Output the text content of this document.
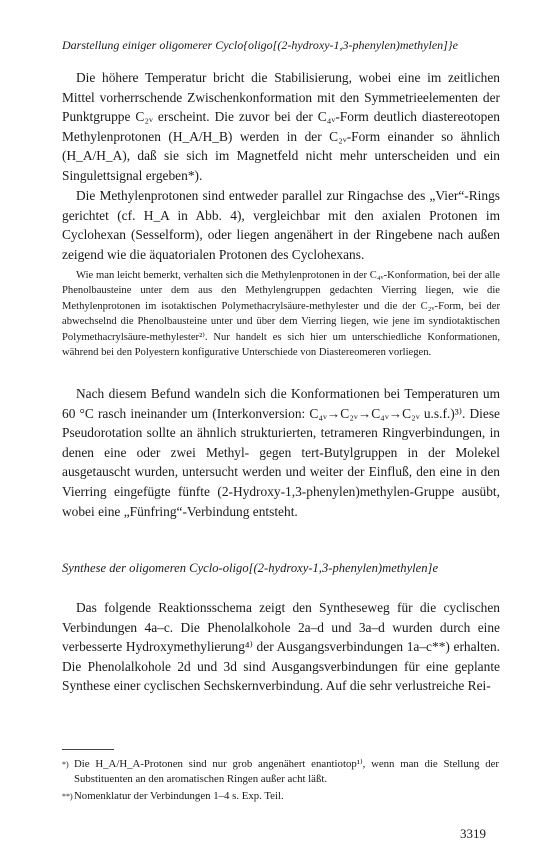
Darstellung einiger oligomerer Cyclo{oligo[(2-hydroxy-1,3-phenylen)methylen]}e

Die höhere Temperatur bricht die Stabilisierung, wobei eine im zeitlichen Mittel vorherrschende Zwischenkonformation mit den Symmetrieelementen der Punktgruppe C₂ᵥ erscheint. Die zuvor bei der C₄ᵥ-Form deutlich diastereotopen Methylenprotonen (H_A/H_B) werden in der C₂ᵥ-Form einander so ähnlich (H_A/H_A), daß sie sich im Magnetfeld nicht mehr unterscheiden und ein Singulettsignal ergeben*).

Die Methylenprotonen sind entweder parallel zur Ringachse des „Vier“-Rings gerichtet (cf. H_A in Abb. 4), vergleichbar mit den axialen Protonen im Cyclohexan (Sesselform), oder liegen angenähert in der Ringebene nach außen zeigend wie die äquatorialen Protonen des Cyclohexans.

Wie man leicht bemerkt, verhalten sich die Methylenprotonen in der C₄ᵥ-Konformation, bei der alle Phenolbausteine unter dem aus den Methylengruppen gedachten Vierring liegen, wie die Methylenprotonen im isotaktischen Polymethacrylsäure-methylester und die der C₂ᵥ-Form, bei der abwechselnd die Phenolbausteine unter und über dem Vierring liegen, wie jene im syndiotaktischen Polymethacrylsäure-methylester²⁾. Nur handelt es sich hier um unterschiedliche Konformationen, während bei den Polyestern konfigurative Unterschiede von Diastereomeren vorliegen.

Nach diesem Befund wandeln sich die Konformationen bei Temperaturen um 60 °C rasch ineinander um (Interkonversion: C₄ᵥ→C₂ᵥ→C₄ᵥ→C₂ᵥ u.s.f.)³⁾. Diese Pseudorotation sollte an ähnlich strukturierten, tetrameren Ringverbindungen, in denen eine oder zwei Methyl- gegen tert-Butylgruppen in der Molekel ausgetauscht wurden, untersucht werden und weiter der Einfluß, den eine in den Vierring eingefügte fünfte (2-Hydroxy-1,3-phenylen)methylen-Gruppe ausübt, wobei eine „Fünfring“-Verbindung entsteht.

Synthese der oligomeren Cyclo-oligo[(2-hydroxy-1,3-phenylen)methylen]e

Das folgende Reaktionsschema zeigt den Syntheseweg für die cyclischen Verbindungen 4a–c. Die Phenolalkohole 2a–d und 3a–d wurden durch eine verbesserte Hydroxymethylierung⁴⁾ der Ausgangsverbindungen 1a–c**) erhalten. Die Phenolalkohole 2d und 3d sind Ausgangsverbindungen für eine geplante Synthese einer cyclischen Sechskernverbindung. Auf die sehr verlustreiche Rei-

*) Die H_A/H_A-Protonen sind nur grob angenähert enantiotop¹⁾, wenn man die Stellung der Substituenten an den aromatischen Ringen außer acht läßt.
**)Nomenklatur der Verbindungen 1–4 s. Exp. Teil.
3319
